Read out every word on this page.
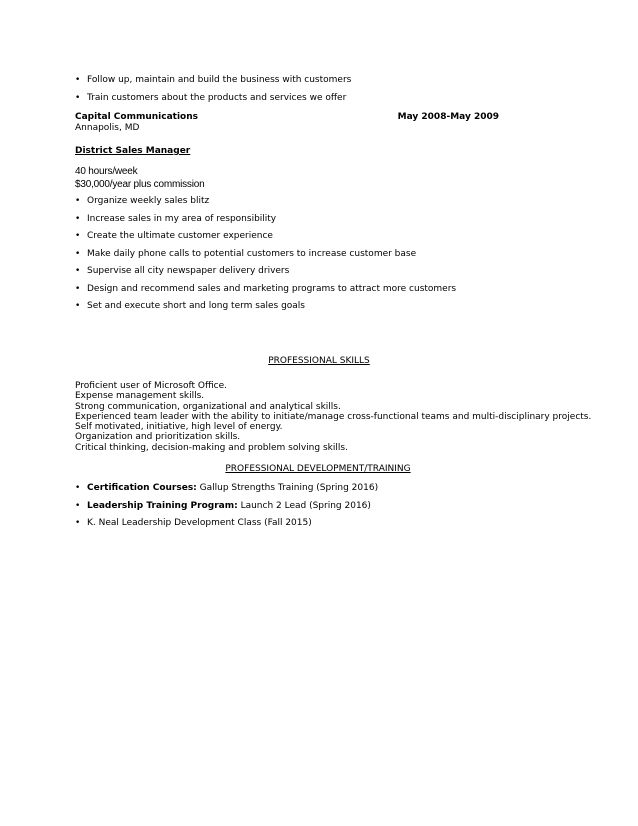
• Follow up, maintain and build the business with customers
• Train customers about the products and services we offer
Capital Communications	May 2008-May 2009
Annapolis, MD
District Sales Manager
40 hours/week
$30,000/year plus commission
• Organize weekly sales blitz
• Increase sales in my area of responsibility
• Create the ultimate customer experience
• Make daily phone calls to potential customers to increase customer base
• Supervise all city newspaper delivery drivers
• Design and recommend sales and marketing programs to attract more customers
• Set and execute short and long term sales goals
PROFESSIONAL SKILLS
Proficient user of Microsoft Office.
Expense management skills.
Strong communication, organizational and analytical skills.
Experienced team leader with the ability to initiate/manage cross-functional teams and multi-disciplinary projects.
Self motivated, initiative, high level of energy.
Organization and prioritization skills.
Critical thinking, decision-making and problem solving skills.
PROFESSIONAL DEVELOPMENT/TRAINING
• Certification Courses: Gallup Strengths Training (Spring 2016)
• Leadership Training Program: Launch 2 Lead (Spring 2016)
• K. Neal Leadership Development Class (Fall 2015)
